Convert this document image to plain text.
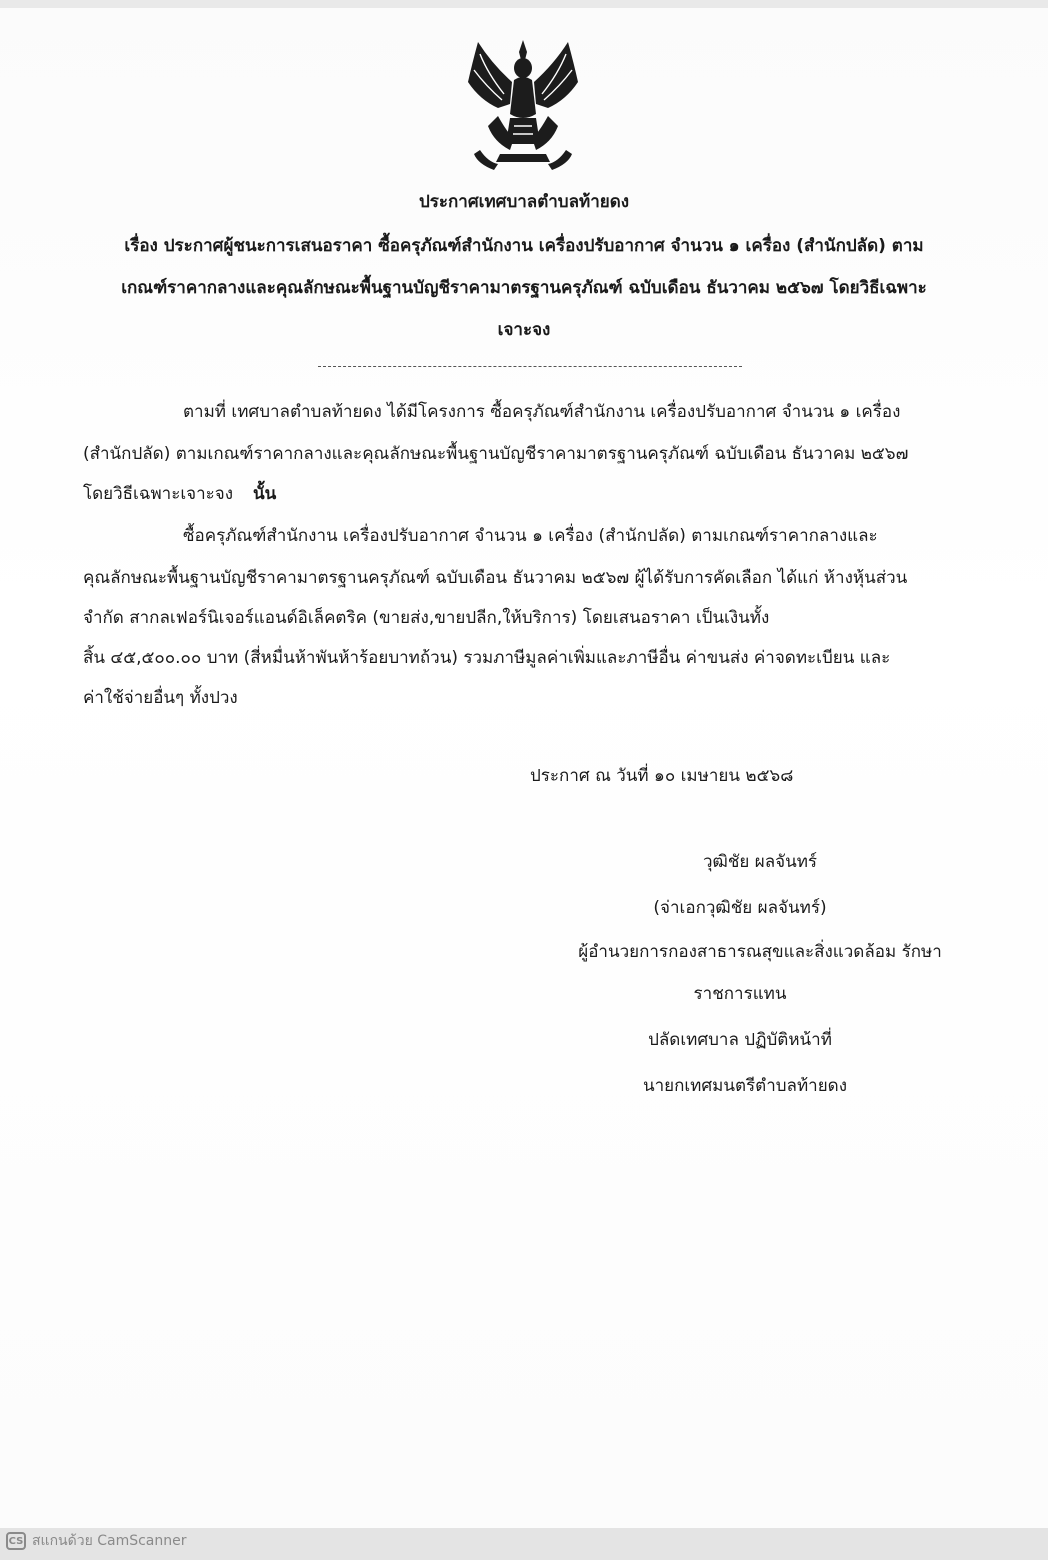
ประกาศเทศบาลตำบลท้ายดง
เรื่อง ประกาศผู้ชนะการเสนอราคา ซื้อครุภัณฑ์สำนักงาน เครื่องปรับอากาศ จำนวน ๑ เครื่อง (สำนักปลัด) ตาม
เกณฑ์ราคากลางและคุณลักษณะพื้นฐานบัญชีราคามาตรฐานครุภัณฑ์ ฉบับเดือน ธันวาคม ๒๕๖๗ โดยวิธีเฉพาะ
เจาะจง
ตามที่ เทศบาลตำบลท้ายดง ได้มีโครงการ ซื้อครุภัณฑ์สำนักงาน เครื่องปรับอากาศ จำนวน ๑ เครื่อง
(สำนักปลัด) ตามเกณฑ์ราคากลางและคุณลักษณะพื้นฐานบัญชีราคามาตรฐานครุภัณฑ์ ฉบับเดือน ธันวาคม ๒๕๖๗
โดยวิธีเฉพาะเจาะจง นั้น
ซื้อครุภัณฑ์สำนักงาน เครื่องปรับอากาศ จำนวน ๑ เครื่อง (สำนักปลัด) ตามเกณฑ์ราคากลางและ
คุณลักษณะพื้นฐานบัญชีราคามาตรฐานครุภัณฑ์ ฉบับเดือน ธันวาคม ๒๕๖๗ ผู้ได้รับการคัดเลือก ได้แก่ ห้างหุ้นส่วน
จำกัด สากลเฟอร์นิเจอร์แอนด์อิเล็คตริค (ขายส่ง,ขายปลีก,ให้บริการ) โดยเสนอราคา เป็นเงินทั้ง
สิ้น ๔๕,๕๐๐.๐๐ บาท (สี่หมื่นห้าพันห้าร้อยบาทถ้วน) รวมภาษีมูลค่าเพิ่มและภาษีอื่น ค่าขนส่ง ค่าจดทะเบียน และ
ค่าใช้จ่ายอื่นๆ ทั้งปวง
ประกาศ ณ วันที่ ๑๐ เมษายน ๒๕๖๘
วุฒิชัย ผลจันทร์
(จ่าเอกวุฒิชัย ผลจันทร์)
ผู้อำนวยการกองสาธารณสุขและสิ่งแวดล้อม รักษา
ราชการแทน
ปลัดเทศบาล ปฏิบัติหน้าที่
นายกเทศมนตรีตำบลท้ายดง
CS สแกนด้วย CamScanner
